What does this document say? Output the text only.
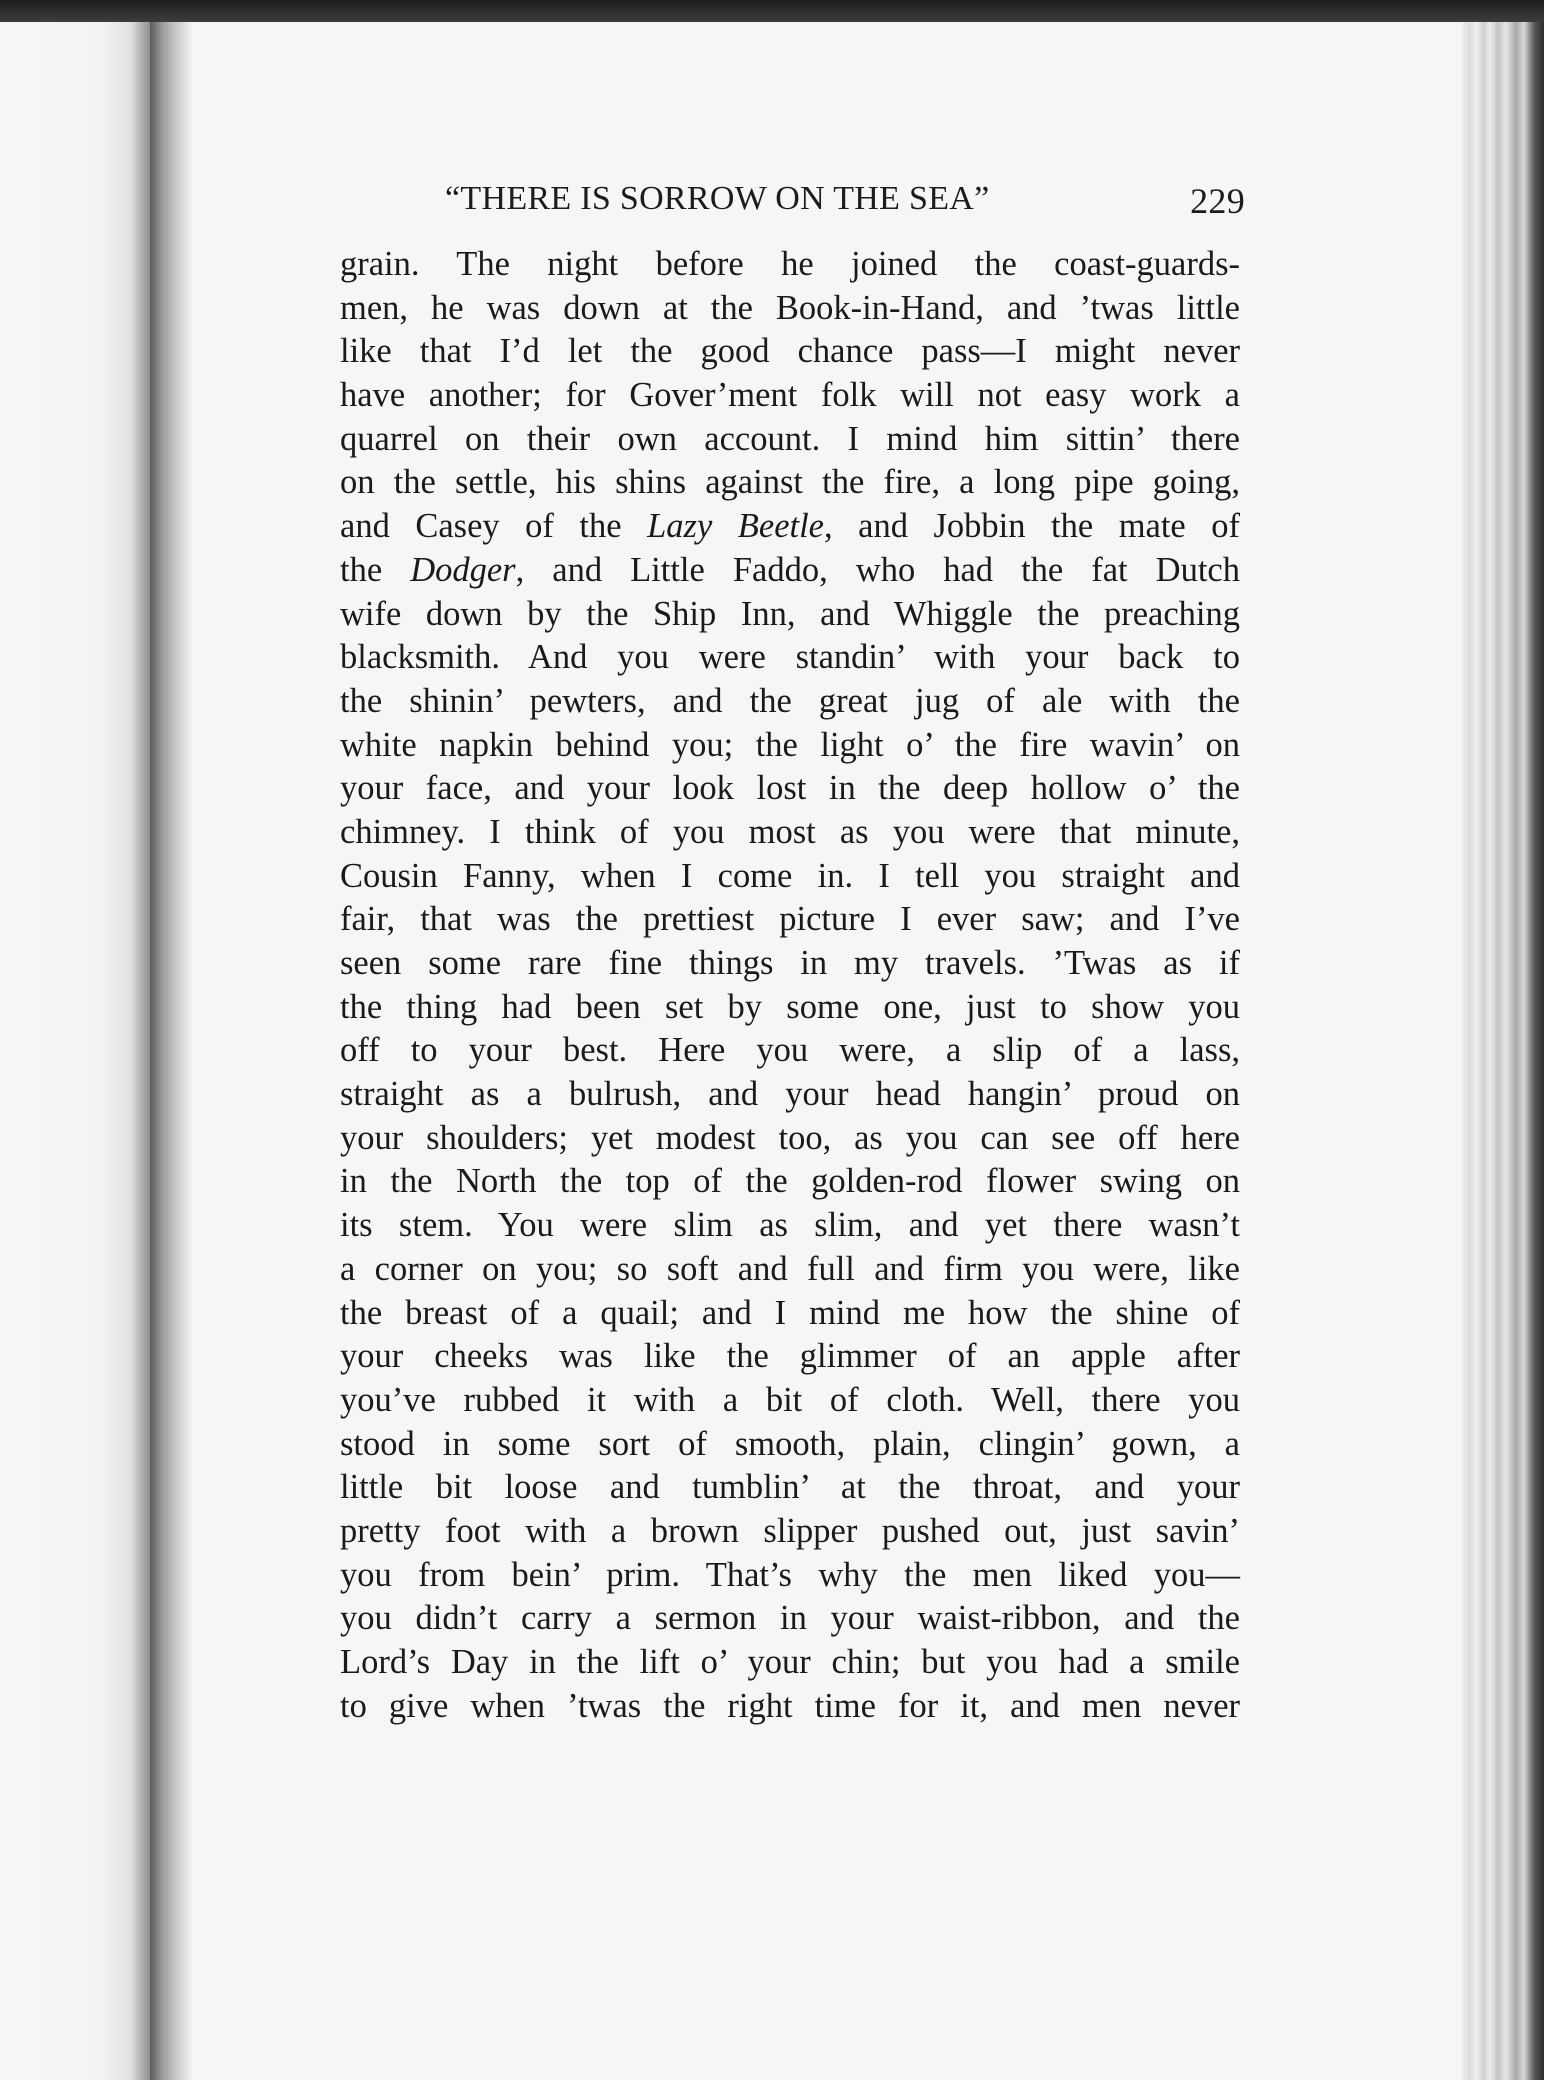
“THERE IS SORROW ON THE SEA”	229
grain. The night before he joined the coast-guards-
men, he was down at the Book-in-Hand, and ’twas little
like that I’d let the good chance pass—I might never
have another; for Gover’ment folk will not easy work a
quarrel on their own account. I mind him sittin’ there
on the settle, his shins against the fire, a long pipe going,
and Casey of the Lazy Beetle, and Jobbin the mate of
the Dodger, and Little Faddo, who had the fat Dutch
wife down by the Ship Inn, and Whiggle the preaching
blacksmith. And you were standin’ with your back to
the shinin’ pewters, and the great jug of ale with the
white napkin behind you; the light o’ the fire wavin’ on
your face, and your look lost in the deep hollow o’ the
chimney. I think of you most as you were that minute,
Cousin Fanny, when I come in. I tell you straight and
fair, that was the prettiest picture I ever saw; and I’ve
seen some rare fine things in my travels. ’Twas as if
the thing had been set by some one, just to show you
off to your best. Here you were, a slip of a lass,
straight as a bulrush, and your head hangin’ proud on
your shoulders; yet modest too, as you can see off here
in the North the top of the golden-rod flower swing on
its stem. You were slim as slim, and yet there wasn’t
a corner on you; so soft and full and firm you were, like
the breast of a quail; and I mind me how the shine of
your cheeks was like the glimmer of an apple after
you’ve rubbed it with a bit of cloth. Well, there you
stood in some sort of smooth, plain, clingin’ gown, a
little bit loose and tumblin’ at the throat, and your
pretty foot with a brown slipper pushed out, just savin’
you from bein’ prim. That’s why the men liked you—
you didn’t carry a sermon in your waist-ribbon, and the
Lord’s Day in the lift o’ your chin; but you had a smile
to give when ’twas the right time for it, and men never
